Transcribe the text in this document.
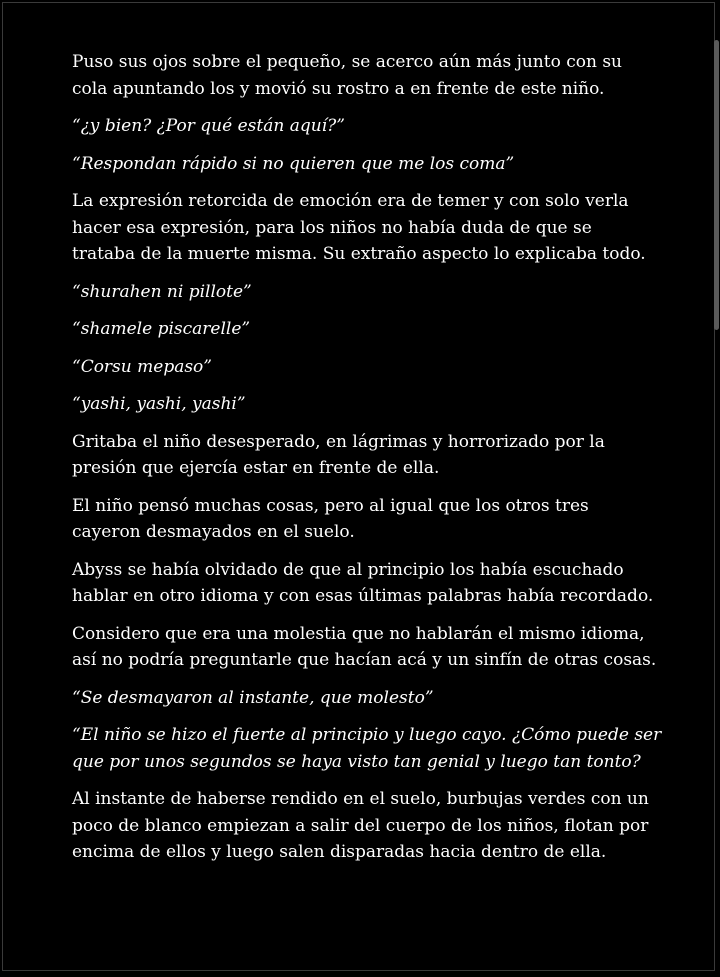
Puso sus ojos sobre el pequeño, se acerco aún más junto con su
cola apuntando los y movió su rostro a en frente de este niño.

“¿y bien? ¿Por qué están aquí?”

“Respondan rápido si no quieren que me los coma”

La expresión retorcida de emoción era de temer y con solo verla
hacer esa expresión, para los niños no había duda de que se
trataba de la muerte misma. Su extraño aspecto lo explicaba todo.

“shurahen ni pillote”

“shamele piscarelle”

“Corsu mepaso”

“yashi, yashi, yashi”

Gritaba el niño desesperado, en lágrimas y horrorizado por la
presión que ejercía estar en frente de ella.

El niño pensó muchas cosas, pero al igual que los otros tres
cayeron desmayados en el suelo.

Abyss se había olvidado de que al principio los había escuchado
hablar en otro idioma y con esas últimas palabras había recordado.

Considero que era una molestia que no hablarán el mismo idioma,
así no podría preguntarle que hacían acá y un sinfín de otras cosas.

“Se desmayaron al instante, que molesto”

“El niño se hizo el fuerte al principio y luego cayo. ¿Cómo puede ser
que por unos segundos se haya visto tan genial y luego tan tonto?

Al instante de haberse rendido en el suelo, burbujas verdes con un
poco de blanco empiezan a salir del cuerpo de los niños, flotan por
encima de ellos y luego salen disparadas hacia dentro de ella.
